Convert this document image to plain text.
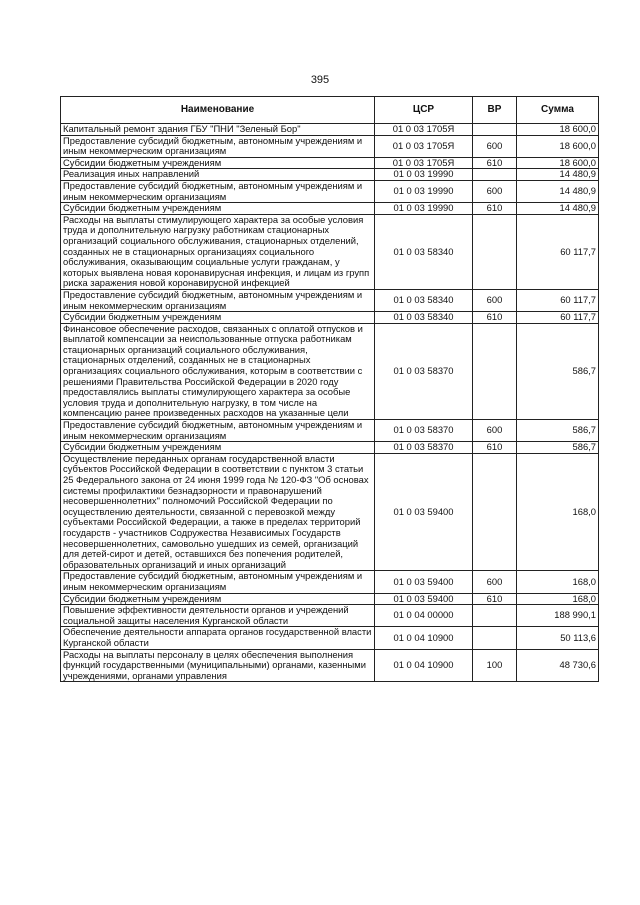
395
Наименование	ЦСР	ВР	Сумма
Капитальный ремонт здания ГБУ "ПНИ "Зеленый Бор"	01 0 03 1705Я		18 600,0
Предоставление субсидий бюджетным, автономным учреждениям и иным некоммерческим организациям	01 0 03 1705Я	600	18 600,0
Субсидии бюджетным учреждениям	01 0 03 1705Я	610	18 600,0
Реализация иных направлений	01 0 03 19990		14 480,9
Предоставление субсидий бюджетным, автономным учреждениям и иным некоммерческим организациям	01 0 03 19990	600	14 480,9
Субсидии бюджетным учреждениям	01 0 03 19990	610	14 480,9
Расходы на выплаты стимулирующего характера за особые условия труда и дополнительную нагрузку работникам стационарных организаций социального обслуживания, стационарных отделений, созданных не в стационарных организациях социального обслуживания, оказывающим социальные услуги гражданам, у которых выявлена новая коронавирусная инфекция, и лицам из групп риска заражения новой коронавирусной инфекцией	01 0 03 58340		60 117,7
Предоставление субсидий бюджетным, автономным учреждениям и иным некоммерческим организациям	01 0 03 58340	600	60 117,7
Субсидии бюджетным учреждениям	01 0 03 58340	610	60 117,7
Финансовое обеспечение расходов, связанных с оплатой отпусков и выплатой компенсации за неиспользованные отпуска работникам стационарных организаций социального обслуживания, стационарных отделений, созданных не в стационарных организациях социального обслуживания, которым в соответствии с решениями Правительства Российской Федерации в 2020 году предоставлялись выплаты стимулирующего характера за особые условия труда и дополнительную нагрузку, в том числе на компенсацию ранее произведенных расходов на указанные цели	01 0 03 58370		586,7
Предоставление субсидий бюджетным, автономным учреждениям и иным некоммерческим организациям	01 0 03 58370	600	586,7
Субсидии бюджетным учреждениям	01 0 03 58370	610	586,7
Осуществление переданных органам государственной власти субъектов Российской Федерации в соответствии с пунктом 3 статьи 25 Федерального закона от 24 июня 1999 года № 120-ФЗ "Об основах системы профилактики безнадзорности и правонарушений несовершеннолетних" полномочий Российской Федерации по осуществлению деятельности, связанной с перевозкой между субъектами Российской Федерации, а также в пределах территорий государств - участников Содружества Независимых Государств несовершеннолетних, самовольно ушедших из семей, организаций для детей-сирот и детей, оставшихся без попечения родителей, образовательных организаций и иных организаций	01 0 03 59400		168,0
Предоставление субсидий бюджетным, автономным учреждениям и иным некоммерческим организациям	01 0 03 59400	600	168,0
Субсидии бюджетным учреждениям	01 0 03 59400	610	168,0
Повышение эффективности деятельности органов и учреждений социальной защиты населения Курганской области	01 0 04 00000		188 990,1
Обеспечение деятельности аппарата органов государственной власти Курганской области	01 0 04 10900		50 113,6
Расходы на выплаты персоналу в целях обеспечения выполнения функций государственными (муниципальными) органами, казенными учреждениями, органами управления	01 0 04 10900	100	48 730,6
